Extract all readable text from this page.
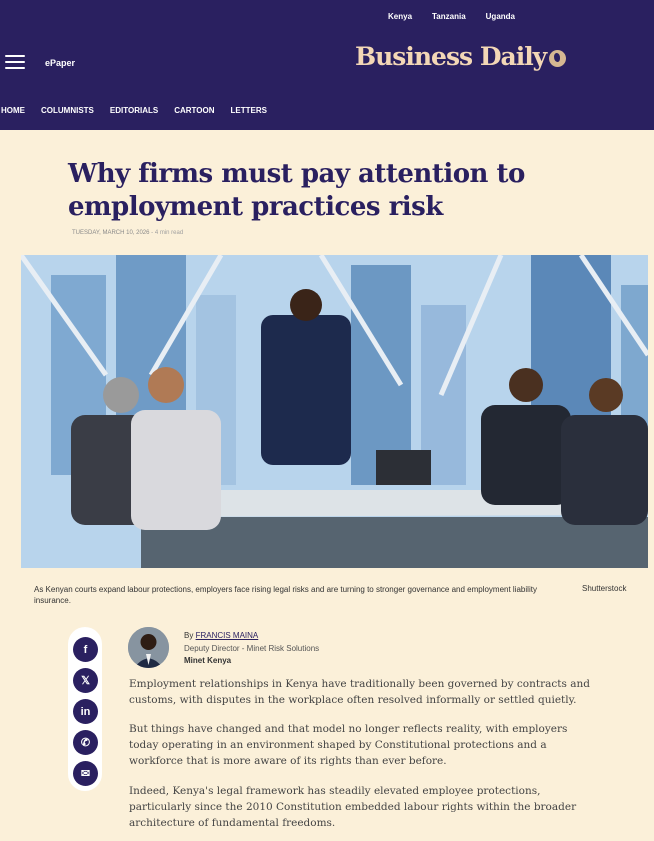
Kenya	Tanzania	Uganda
ePaper	Business Daily
HOME COLUMNISTS EDITORIALS CARTOON LETTERS
Why firms must pay attention to employment practices risk
TUESDAY, MARCH 10, 2026 - 4 min read
As Kenyan courts expand labour protections, employers face rising legal risks and are turning to stronger governance and employment liability insurance.
Shutterstock
f
𝕏
in
✆
✉
By FRANCIS MAINA
Deputy Director - Minet Risk Solutions
Minet Kenya

Employment relationships in Kenya have traditionally been governed by contracts and customs, with disputes in the workplace often resolved informally or settled quietly.

But things have changed and that model no longer reflects reality, with employers today operating in an environment shaped by Constitutional protections and a workforce that is more aware of its rights than ever before.

Indeed, Kenya's legal framework has steadily elevated employee protections, particularly since the 2010 Constitution embedded labour rights within the broader architecture of fundamental freedoms.
